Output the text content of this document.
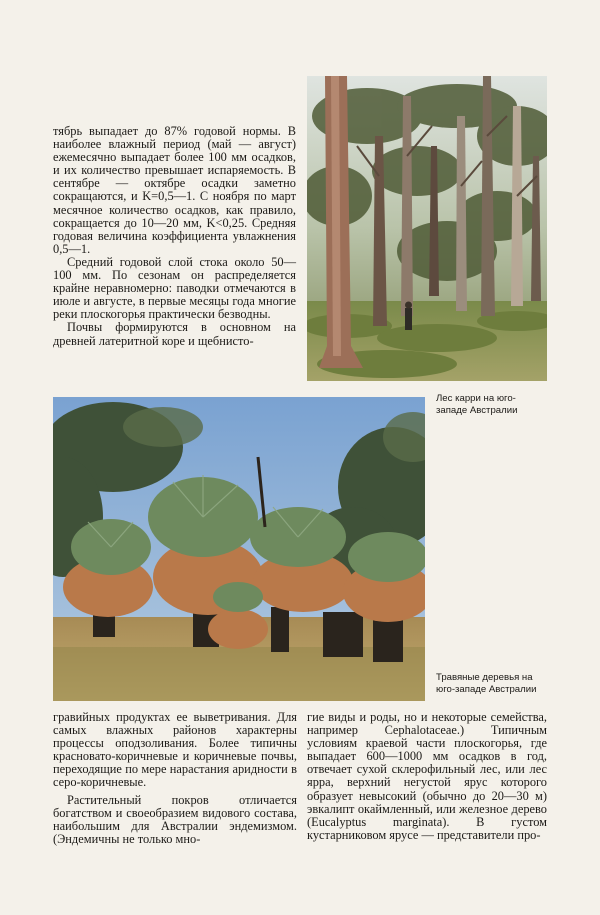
тябрь выпадает до 87% годовой нормы. В наиболее влажный период (май — август) ежемесячно выпадает более 100 мм осадков, и их количество превышает испаряемость. В сентябре — октябре осадки заметно сокращаются, и K=0,5—1. С ноября по март месячное количество осадков, как правило, сокращается до 10—20 мм, K<0,25. Средняя годовая величина коэффициента увлажнения 0,5—1.

Средний годовой слой стока около 50—100 мм. По сезонам он распределяется крайне неравномерно: паводки отмечаются в июле и августе, в первые месяцы года многие реки плоскогорья практически безводны.

Почвы формируются в основном на древней латеритной коре и щебнисто-

Лес карри на юго-западе Австралии
Травяные деревья на юго-западе Австралии

гравийных продуктах ее выветривания. Для самых влажных районов характерны процессы оподзоливания. Более типичны красновато-коричневые и коричневые почвы, переходящие по мере нарастания аридности в серо-коричневые.

Растительный покров отличается богатством и своеобразием видового состава, наибольшим для Австралии эндемизмом. (Эндемичны не только мно-

гие виды и роды, но и некоторые семейства, например Cephalotaceae.) Типичным условиям краевой части плоскогорья, где выпадает 600—1000 мм осадков в год, отвечает сухой склерофильный лес, или лес ярра, верхний негустой ярус которого образует невысокий (обычно до 20—30 м) эвкалипт окаймленный, или железное дерево (Eucalyptus marginata). В густом кустарниковом ярусе — представители про-
